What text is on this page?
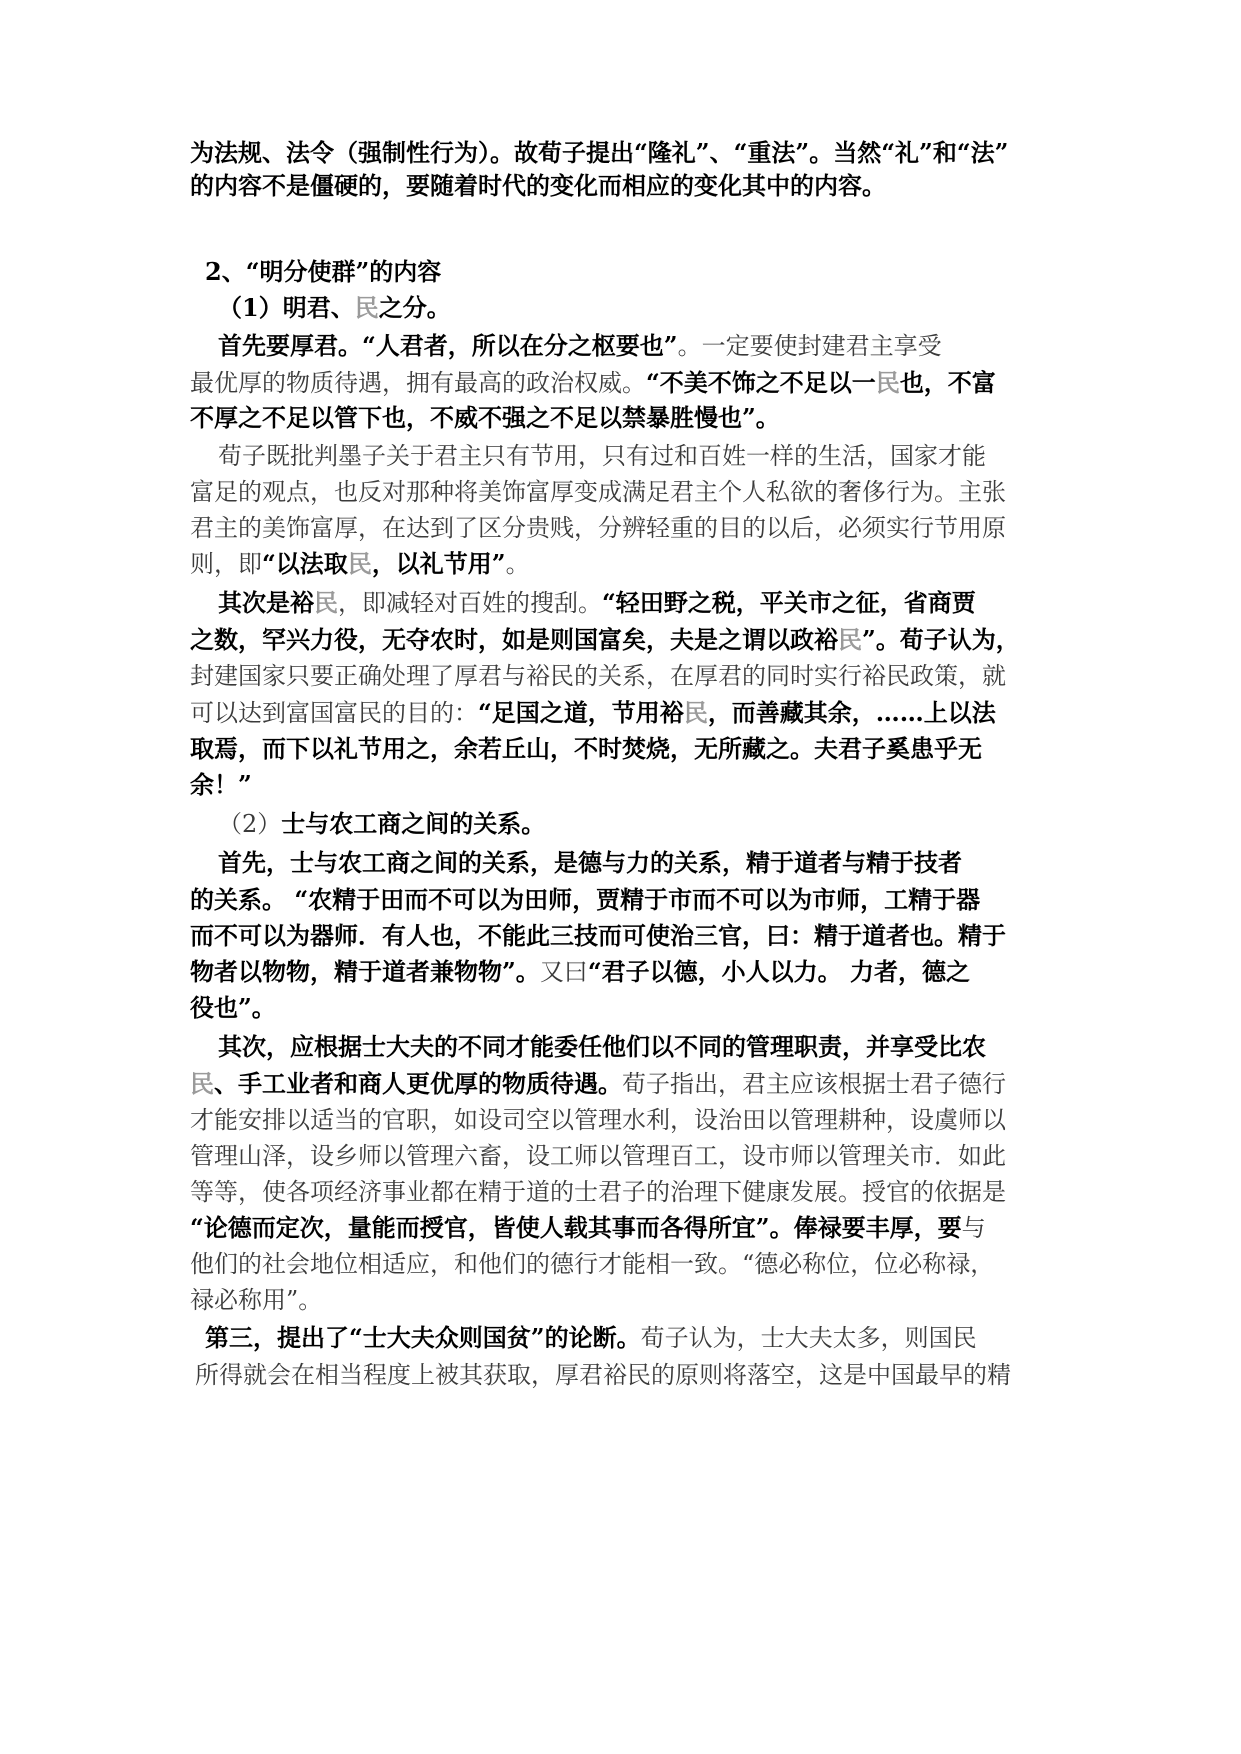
为法规、法令（强制性行为）。故荀子提出“隆礼”、“重法”。当然“礼”和“法”
的内容不是僵硬的，要随着时代的变化而相应的变化其中的内容。
2、“明分使群”的内容
（1）明君、民之分。
首先要厚君。“人君者，所以在分之枢要也”。一定要使封建君主享受
最优厚的物质待遇，拥有最高的政治权威。“不美不饰之不足以一民也，不富
不厚之不足以管下也，不威不强之不足以禁暴胜慢也”。
荀子既批判墨子关于君主只有节用，只有过和百姓一样的生活，国家才能
富足的观点，也反对那种将美饰富厚变成满足君主个人私欲的奢侈行为。主张
君主的美饰富厚，在达到了区分贵贱，分辨轻重的目的以后，必须实行节用原
则，即“以法取民，以礼节用”。
其次是裕民，即减轻对百姓的搜刮。“轻田野之税，平关市之征，省商贾
之数，罕兴力役，无夺农时，如是则国富矣，夫是之谓以政裕民”。荀子认为，
封建国家只要正确处理了厚君与裕民的关系，在厚君的同时实行裕民政策，就
可以达到富国富民的目的：“足国之道，节用裕民，而善藏其余，……上以法
取焉，而下以礼节用之，余若丘山，不时焚烧，无所藏之。夫君子奚患乎无
余！”
（2）士与农工商之间的关系。
首先，士与农工商之间的关系，是德与力的关系，精于道者与精于技者
的关系。 “农精于田而不可以为田师，贾精于市而不可以为市师，工精于器
而不可以为器师．有人也，不能此三技而可使治三官，曰：精于道者也。精于
物者以物物，精于道者兼物物”。又曰“君子以德，小人以力。 力者，德之
役也”。
其次，应根据士大夫的不同才能委任他们以不同的管理职责，并享受比农
民、手工业者和商人更优厚的物质待遇。荀子指出，君主应该根据士君子德行
才能安排以适当的官职，如设司空以管理水利，设治田以管理耕种，设虞师以
管理山泽，设乡师以管理六畜，设工师以管理百工，设市师以管理关市．如此
等等，使各项经济事业都在精于道的士君子的治理下健康发展。授官的依据是
“论德而定次，量能而授官，皆使人载其事而各得所宜”。俸禄要丰厚，要与
他们的社会地位相适应，和他们的德行才能相一致。“德必称位，位必称禄，
禄必称用”。
第三，提出了“士大夫众则国贫”的论断。荀子认为，士大夫太多，则国民
所得就会在相当程度上被其获取，厚君裕民的原则将落空，这是中国最早的精
